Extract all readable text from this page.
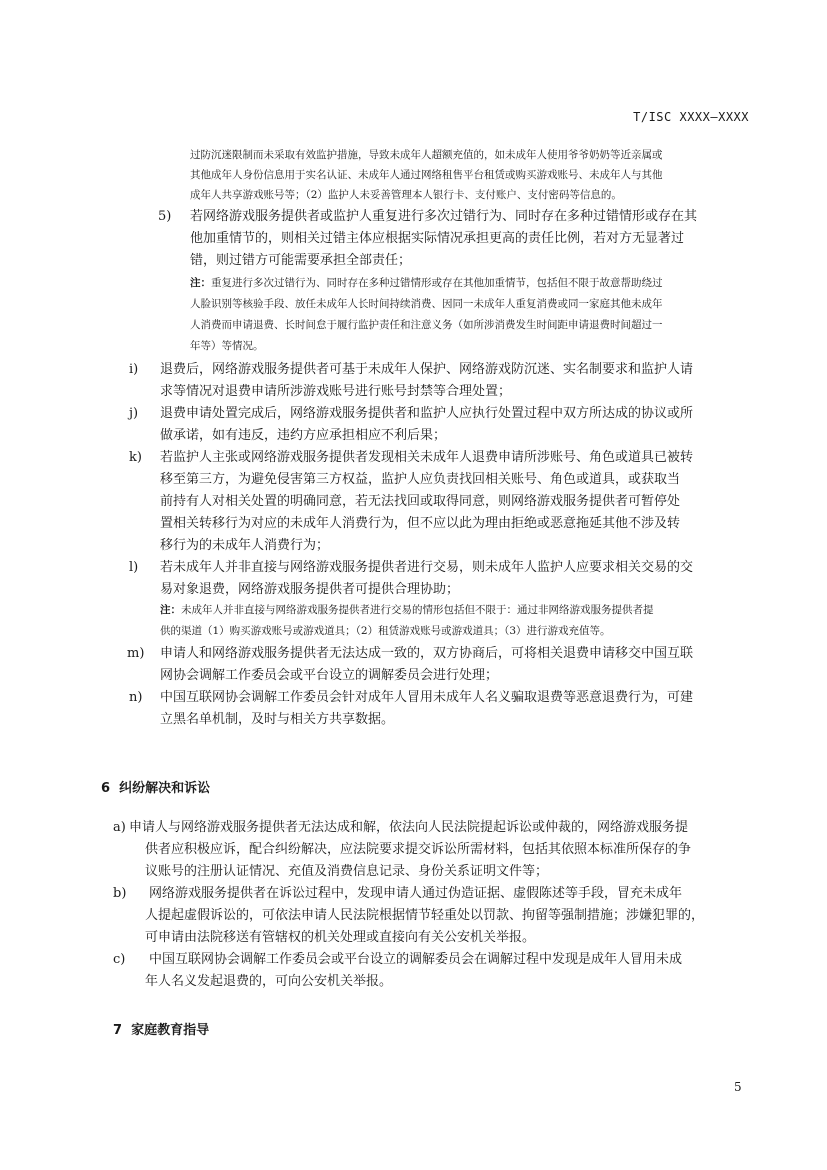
T/ISC XXXX—XXXX
过防沉迷限制而未采取有效监护措施，导致未成年人超额充值的，如未成年人使用爷爷奶奶等近亲属或
其他成年人身份信息用于实名认证、未成年人通过网络租售平台租赁或购买游戏账号、未成年人与其他
成年人共享游戏账号等；（2）监护人未妥善管理本人银行卡、支付账户、支付密码等信息的。
5) 若网络游戏服务提供者或监护人重复进行多次过错行为、同时存在多种过错情形或存在其
他加重情节的，则相关过错主体应根据实际情况承担更高的责任比例，若对方无显著过
错，则过错方可能需要承担全部责任；
注：重复进行多次过错行为、同时存在多种过错情形或存在其他加重情节，包括但不限于故意帮助绕过
人脸识别等核验手段、放任未成年人长时间持续消费、因同一未成年人重复消费或同一家庭其他未成年
人消费而申请退费、长时间怠于履行监护责任和注意义务（如所涉消费发生时间距申请退费时间超过一
年等）等情况。
i) 退费后，网络游戏服务提供者可基于未成年人保护、网络游戏防沉迷、实名制要求和监护人请
求等情况对退费申请所涉游戏账号进行账号封禁等合理处置；
j) 退费申请处置完成后，网络游戏服务提供者和监护人应执行处置过程中双方所达成的协议或所
做承诺，如有违反，违约方应承担相应不利后果；
k) 若监护人主张或网络游戏服务提供者发现相关未成年人退费申请所涉账号、角色或道具已被转
移至第三方，为避免侵害第三方权益，监护人应负责找回相关账号、角色或道具，或获取当
前持有人对相关处置的明确同意，若无法找回或取得同意，则网络游戏服务提供者可暂停处
置相关转移行为对应的未成年人消费行为，但不应以此为理由拒绝或恶意拖延其他不涉及转
移行为的未成年人消费行为；
l) 若未成年人并非直接与网络游戏服务提供者进行交易，则未成年人监护人应要求相关交易的交
易对象退费，网络游戏服务提供者可提供合理协助；
注：未成年人并非直接与网络游戏服务提供者进行交易的情形包括但不限于：通过非网络游戏服务提供者提
供的渠道（1）购买游戏账号或游戏道具；（2）租赁游戏账号或游戏道具；（3）进行游戏充值等。
m) 申请人和网络游戏服务提供者无法达成一致的，双方协商后，可将相关退费申请移交中国互联
网协会调解工作委员会或平台设立的调解委员会进行处理；
n) 中国互联网协会调解工作委员会针对成年人冒用未成年人名义骗取退费等恶意退费行为，可建
立黑名单机制，及时与相关方共享数据。
6 纠纷解决和诉讼
a) 申请人与网络游戏服务提供者无法达成和解，依法向人民法院提起诉讼或仲裁的，网络游戏服务提
供者应积极应诉，配合纠纷解决，应法院要求提交诉讼所需材料，包括其依照本标准所保存的争
议账号的注册认证情况、充值及消费信息记录、身份关系证明文件等；
b)	网络游戏服务提供者在诉讼过程中，发现申请人通过伪造证据、虚假陈述等手段，冒充未成年
人提起虚假诉讼的，可依法申请人民法院根据情节轻重处以罚款、拘留等强制措施；涉嫌犯罪的，
可申请由法院移送有管辖权的机关处理或直接向有关公安机关举报。
c)	中国互联网协会调解工作委员会或平台设立的调解委员会在调解过程中发现是成年人冒用未成
年人名义发起退费的，可向公安机关举报。
7 家庭教育指导
5
